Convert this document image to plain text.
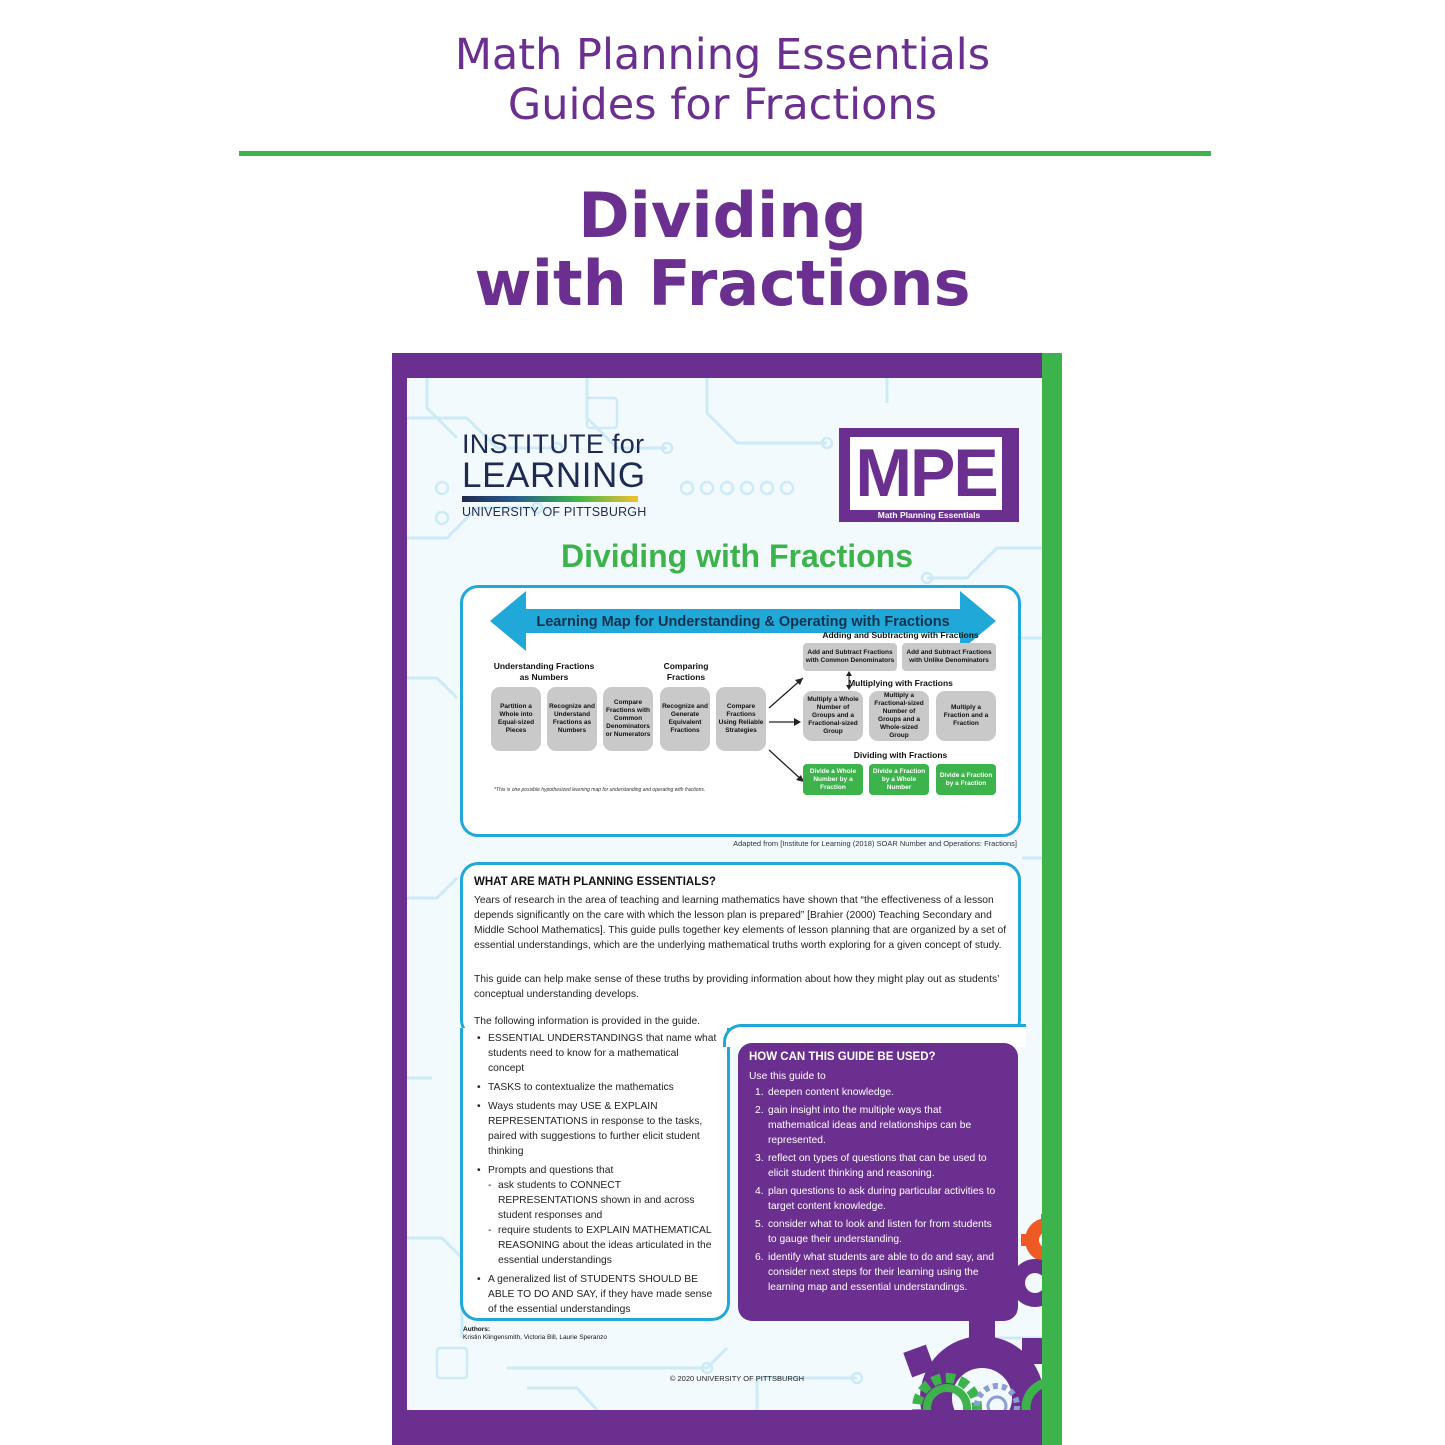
Math Planning Essentials
Guides for Fractions
Dividing
with Fractions
INSTITUTE for
LEARNING
UNIVERSITY OF PITTSBURGH
MPE
Math Planning Essentials
Dividing with Fractions
Learning Map for Understanding & Operating with Fractions
Understanding Fractions as Numbers
Comparing Fractions
Adding and Subtracting with Fractions
Multiplying with Fractions
Dividing with Fractions
Partition a Whole into Equal-sized Pieces
Recognize and Understand Fractions as Numbers
Compare Fractions with Common Denominators or Numerators
Recognize and Generate Equivalent Fractions
Compare Fractions Using Reliable Strategies
Add and Subtract Fractions with Common Denominators
Add and Subtract Fractions with Unlike Denominators
Multiply a Whole Number of Groups and a Fractional-sized Group
Multiply a Fractional-sized Number of Groups and a Whole-sized Group
Multiply a Fraction and a Fraction
Divide a Whole Number by a Fraction
Divide a Fraction by a Whole Number
Divide a Fraction by a Fraction
*This is one possible hypothesized learning map for understanding and operating with fractions.
Adapted from [Institute for Learning (2018) SOAR Number and Operations: Fractions]
WHAT ARE MATH PLANNING ESSENTIALS?
Years of research in the area of teaching and learning mathematics have shown that “the effectiveness of a lesson depends significantly on the care with which the lesson plan is prepared” [Brahier (2000) Teaching Secondary and Middle School Mathematics]. This guide pulls together key elements of lesson planning that are organized by a set of essential understandings, which are the underlying mathematical truths worth exploring for a given concept of study.
This guide can help make sense of these truths by providing information about how they might play out as students’ conceptual understanding develops.
The following information is provided in the guide.
• ESSENTIAL UNDERSTANDINGS that name what students need to know for a mathematical concept
• TASKS to contextualize the mathematics
• Ways students may USE & EXPLAIN REPRESENTATIONS in response to the tasks, paired with suggestions to further elicit student thinking
• Prompts and questions that
- ask students to CONNECT REPRESENTATIONS shown in and across student responses and
- require students to EXPLAIN MATHEMATICAL REASONING about the ideas articulated in the essential understandings
• A generalized list of STUDENTS SHOULD BE ABLE TO DO AND SAY, if they have made sense of the essential understandings
HOW CAN THIS GUIDE BE USED?
Use this guide to
1. deepen content knowledge.
2. gain insight into the multiple ways that mathematical ideas and relationships can be represented.
3. reflect on types of questions that can be used to elicit student thinking and reasoning.
4. plan questions to ask during particular activities to target content knowledge.
5. consider what to look and listen for from students to gauge their understanding.
6. identify what students are able to do and say, and consider next steps for their learning using the learning map and essential understandings.
Authors:
Kristin Klingensmith, Victoria Bill, Laurie Speranzo
© 2020 UNIVERSITY OF PITTSBURGH
